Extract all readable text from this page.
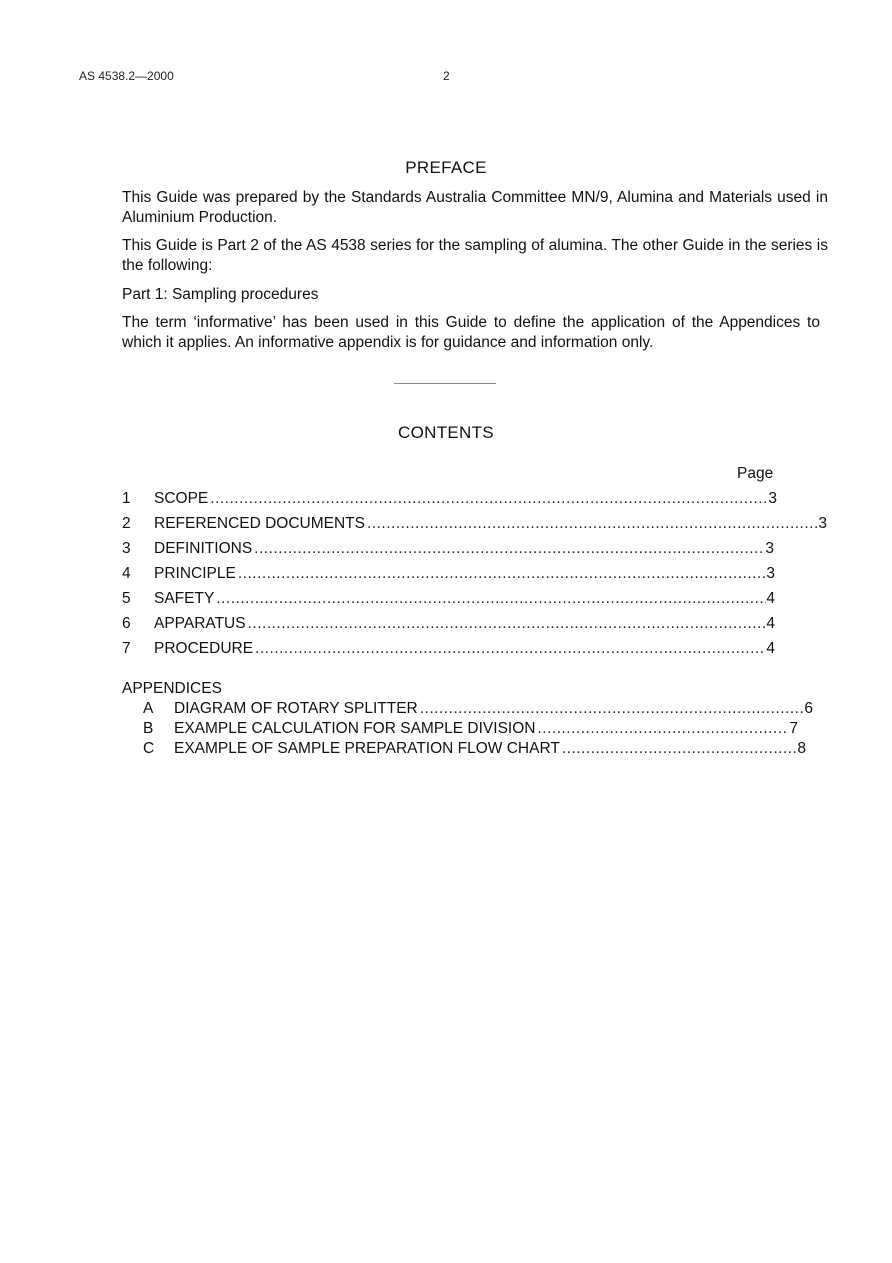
AS 4538.2—2000	2
PREFACE

This Guide was prepared by the Standards Australia Committee MN/9, Alumina and Materials used in Aluminium Production.

This Guide is Part 2 of the AS 4538 series for the sampling of alumina. The other Guide in the series is the following:

Part 1: Sampling procedures

The term ‘informative’ has been used in this Guide to define the application of the Appendices to which it applies. An informative appendix is for guidance and information only.

CONTENTS
Page
1	SCOPE .....	3
2	REFERENCED DOCUMENTS .....	3
3	DEFINITIONS .....	3
4	PRINCIPLE .....	3
5	SAFETY .....	4
6	APPARATUS .....	4
7	PROCEDURE .....	4
APPENDICES
A	DIAGRAM OF ROTARY SPLITTER .....	6
B	EXAMPLE CALCULATION FOR SAMPLE DIVISION .....	7
C	EXAMPLE OF SAMPLE PREPARATION FLOW CHART .....	8
